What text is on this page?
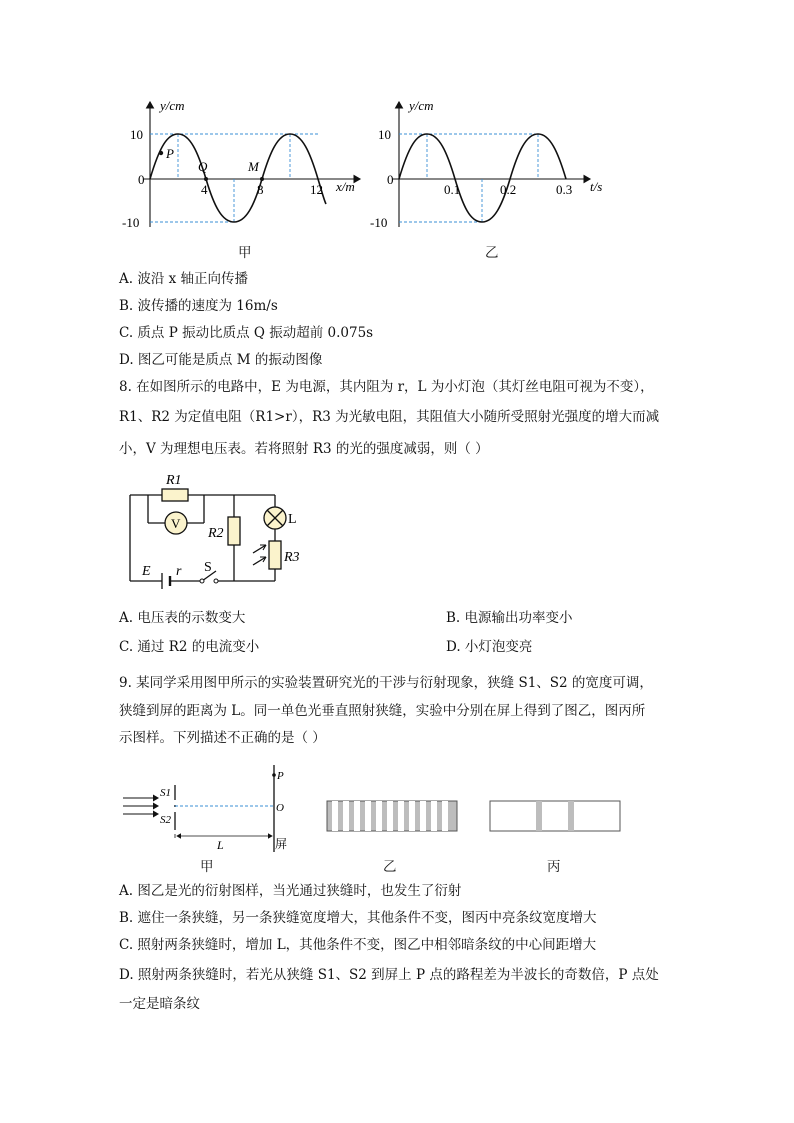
P
Q	M
y/cm
10
-10
0
4	8	12 x/m
甲
y/cm
10
-10
0
0.1	0.2	0.3 t/s
乙
A. 波沿 x 轴正向传播
B. 波传播的速度为 16m/s
C. 质点 P 振动比质点 Q 振动超前 0.075s
D. 图乙可能是质点 M 的振动图像
8. 在如图所示的电路中，E 为电源，其内阻为 r，L 为小灯泡（其灯丝电阻可视为不变），
R1、R2 为定值电阻（R1>r），R3 为光敏电阻，其阻值大小随所受照射光强度的增大而减
小，V 为理想电压表。若将照射 R3 的光的强度减弱，则（ ）
R1
V
R2
L
R3
E r S
A. 电压表的示数变大	B. 电源输出功率变小
C. 通过 R2 的电流变小	D. 小灯泡变亮
9. 某同学采用图甲所示的实验装置研究光的干涉与衍射现象，狭缝 S1、S2 的宽度可调，
狭缝到屏的距离为 L。同一单色光垂直照射狭缝，实验中分别在屏上得到了图乙，图丙所
示图样。下列描述不正确的是（ ）
S1
S2
P
O
L	屏
甲	乙	丙
A. 图乙是光的衍射图样，当光通过狭缝时，也发生了衍射
B. 遮住一条狭缝，另一条狭缝宽度增大，其他条件不变，图丙中亮条纹宽度增大
C. 照射两条狭缝时，增加 L，其他条件不变，图乙中相邻暗条纹的中心间距增大
D. 照射两条狭缝时，若光从狭缝 S1、S2 到屏上 P 点的路程差为半波长的奇数倍，P 点处
一定是暗条纹
